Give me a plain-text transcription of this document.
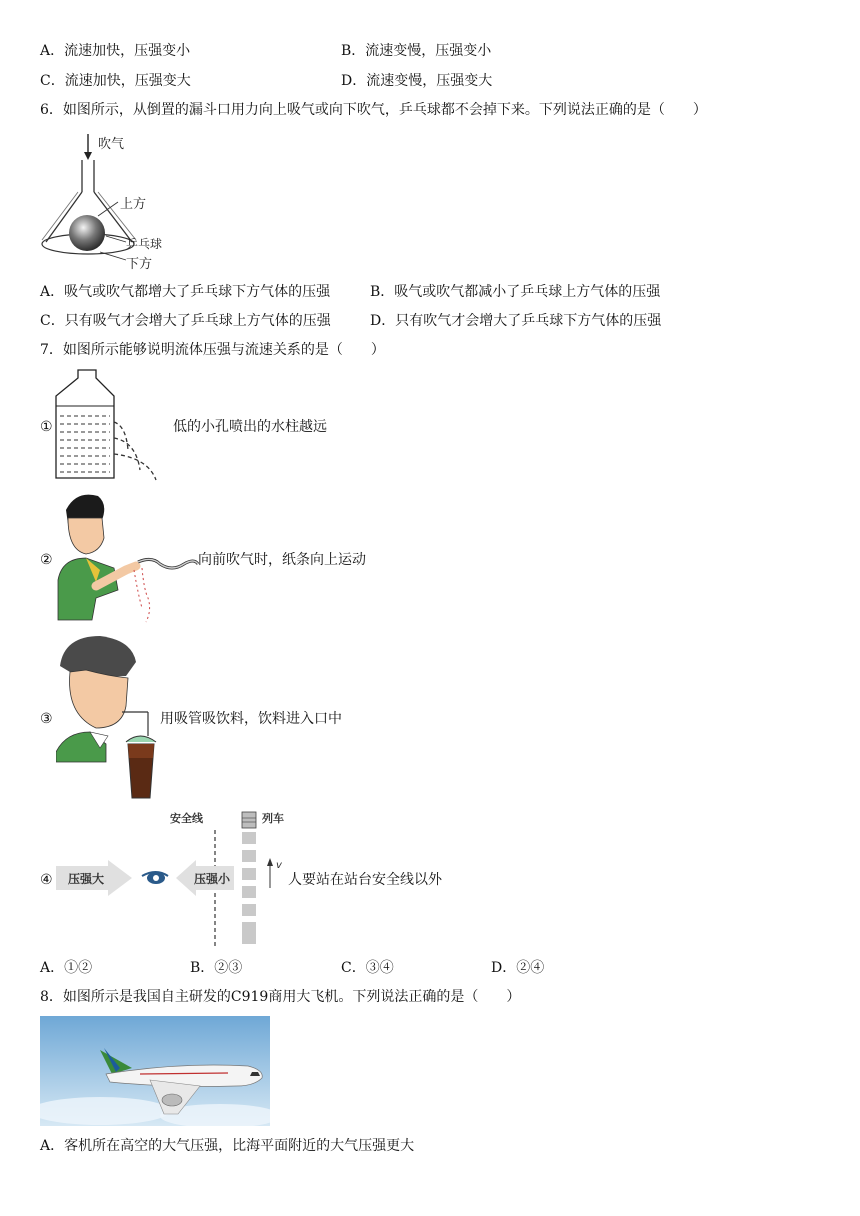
A．流速加快，压强变小	B．流速变慢，压强变小
C．流速加快，压强变大	D．流速变慢，压强变大
6．如图所示，从倒置的漏斗口用力向上吸气或向下吹气，乒乓球都不会掉下来。下列说法正确的是（　　）
吹气
上方
乒乓球
下方
A．吸气或吹气都增大了乒乓球下方气体的压强	B．吸气或吹气都减小了乒乓球上方气体的压强
C．只有吸气才会增大了乒乓球上方气体的压强	D．只有吹气才会增大了乒乓球下方气体的压强
7．如图所示能够说明流体压强与流速关系的是（　　）
①	低的小孔喷出的水柱越远
②	向前吹气时，纸条向上运动
③	用吸管吸饮料，饮料进入口中
④
安全线	列车
v
压强大	压强小	人要站在站台安全线以外
A．①②	B．②③	C．③④	D．②④
8．如图所示是我国自主研发的C919商用大飞机。下列说法正确的是（　　）
A．客机所在高空的大气压强，比海平面附近的大气压强更大
